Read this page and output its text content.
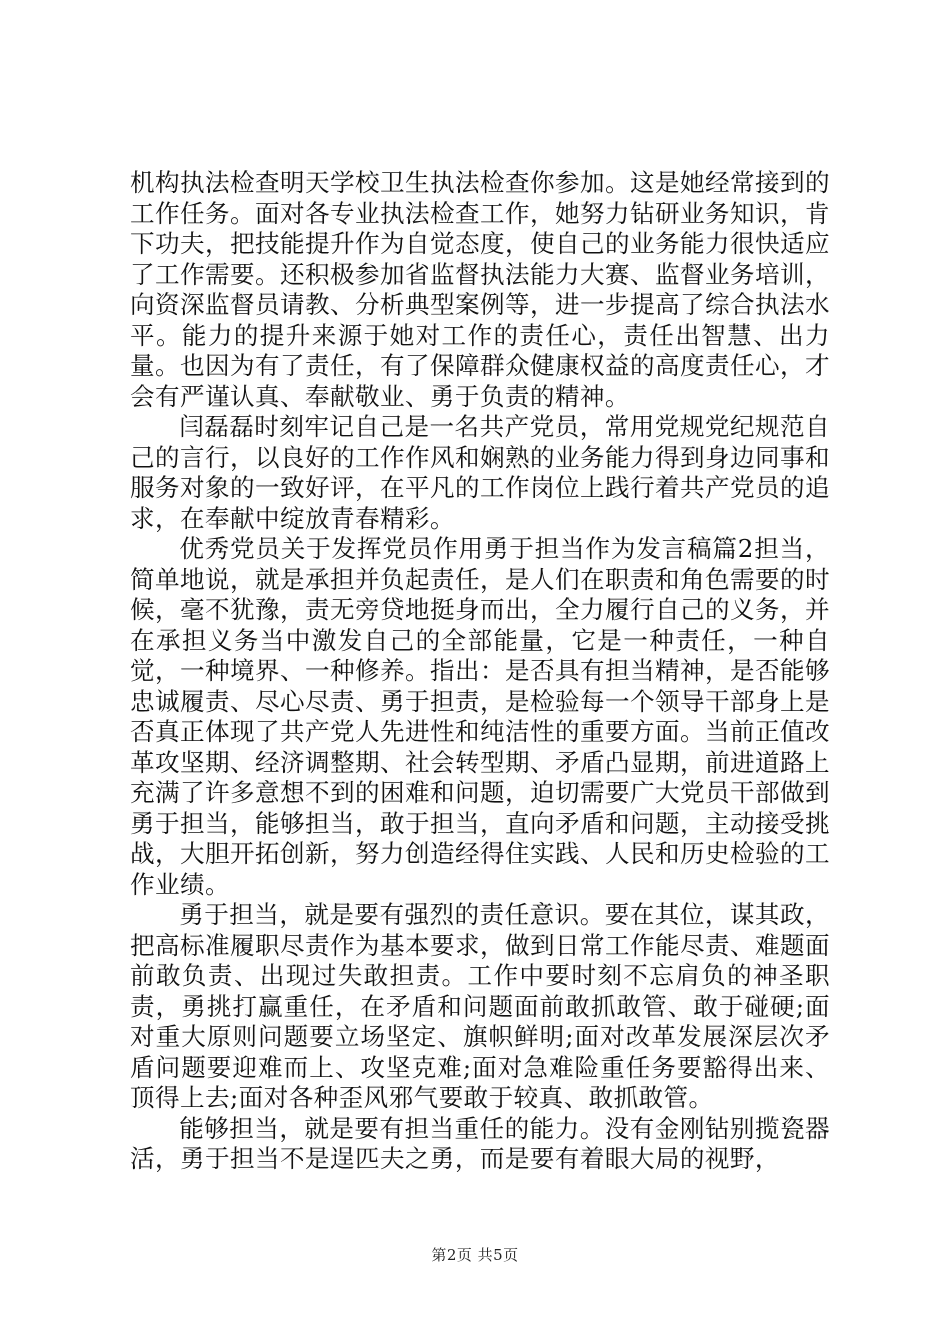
机构执法检查明天学校卫生执法检查你参加。这是她经常接到的工作任务。面对各专业执法检查工作，她努力钻研业务知识，肯下功夫，把技能提升作为自觉态度，使自己的业务能力很快适应了工作需要。还积极参加省监督执法能力大赛、监督业务培训，向资深监督员请教、分析典型案例等，进一步提高了综合执法水平。能力的提升来源于她对工作的责任心，责任出智慧、出力量。也因为有了责任，有了保障群众健康权益的高度责任心，才会有严谨认真、奉献敬业、勇于负责的精神。

闫磊磊时刻牢记自己是一名共产党员，常用党规党纪规范自己的言行，以良好的工作作风和娴熟的业务能力得到身边同事和服务对象的一致好评，在平凡的工作岗位上践行着共产党员的追求，在奉献中绽放青春精彩。

优秀党员关于发挥党员作用勇于担当作为发言稿篇2担当，简单地说，就是承担并负起责任，是人们在职责和角色需要的时候，毫不犹豫，责无旁贷地挺身而出，全力履行自己的义务，并在承担义务当中激发自己的全部能量，它是一种责任，一种自觉，一种境界、一种修养。指出：是否具有担当精神，是否能够忠诚履责、尽心尽责、勇于担责，是检验每一个领导干部身上是否真正体现了共产党人先进性和纯洁性的重要方面。当前正值改革攻坚期、经济调整期、社会转型期、矛盾凸显期，前进道路上充满了许多意想不到的困难和问题，迫切需要广大党员干部做到勇于担当，能够担当，敢于担当，直向矛盾和问题，主动接受挑战，大胆开拓创新，努力创造经得住实践、人民和历史检验的工作业绩。

勇于担当，就是要有强烈的责任意识。要在其位，谋其政，把高标准履职尽责作为基本要求，做到日常工作能尽责、难题面前敢负责、出现过失敢担责。工作中要时刻不忘肩负的神圣职责，勇挑打赢重任，在矛盾和问题面前敢抓敢管、敢于碰硬;面对重大原则问题要立场坚定、旗帜鲜明;面对改革发展深层次矛盾问题要迎难而上、攻坚克难;面对急难险重任务要豁得出来、顶得上去;面对各种歪风邪气要敢于较真、敢抓敢管。

能够担当，就是要有担当重任的能力。没有金刚钻别揽瓷器活，勇于担当不是逞匹夫之勇，而是要有着眼大局的视野，

第2页 共5页
